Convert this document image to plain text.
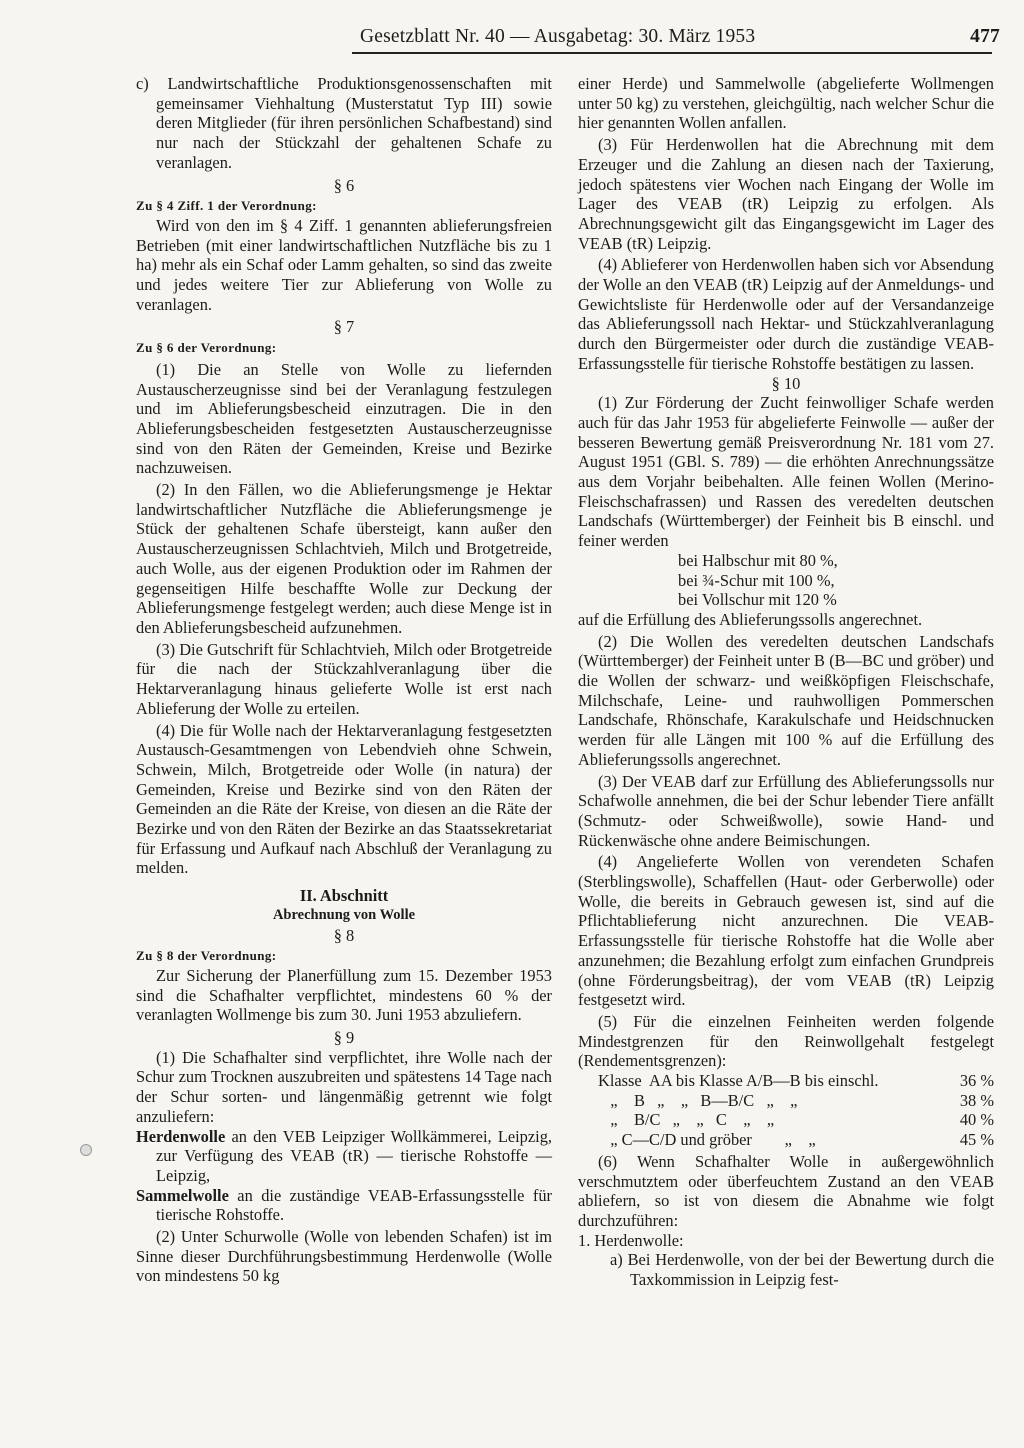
Gesetzblatt Nr. 40 — Ausgabetag: 30. März 1953	477

c) Landwirtschaftliche Produktionsgenossenschaften mit gemeinsamer Viehhaltung (Musterstatut Typ III) sowie deren Mitglieder (für ihren persönlichen Schafbestand) sind nur nach der Stückzahl der gehaltenen Schafe zu veranlagen.

§ 6

Zu § 4 Ziff. 1 der Verordnung:

Wird von den im § 4 Ziff. 1 genannten ablieferungsfreien Betrieben (mit einer landwirtschaftlichen Nutzfläche bis zu 1 ha) mehr als ein Schaf oder Lamm gehalten, so sind das zweite und jedes weitere Tier zur Ablieferung von Wolle zu veranlagen.

§ 7

Zu § 6 der Verordnung:

(1) Die an Stelle von Wolle zu liefernden Austauscherzeugnisse sind bei der Veranlagung festzulegen und im Ablieferungsbescheid einzutragen. Die in den Ablieferungsbescheiden festgesetzten Austauscherzeugnisse sind von den Räten der Gemeinden, Kreise und Bezirke nachzuweisen.

(2) In den Fällen, wo die Ablieferungsmenge je Hektar landwirtschaftlicher Nutzfläche die Ablieferungsmenge je Stück der gehaltenen Schafe übersteigt, kann außer den Austauscherzeugnissen Schlachtvieh, Milch und Brotgetreide, auch Wolle, aus der eigenen Produktion oder im Rahmen der gegenseitigen Hilfe beschaffte Wolle zur Deckung der Ablieferungsmenge festgelegt werden; auch diese Menge ist in den Ablieferungsbescheid aufzunehmen.

(3) Die Gutschrift für Schlachtvieh, Milch oder Brotgetreide für die nach der Stückzahlveranlagung über die Hektarveranlagung hinaus gelieferte Wolle ist erst nach Ablieferung der Wolle zu erteilen.

(4) Die für Wolle nach der Hektarveranlagung festgesetzten Austausch-Gesamtmengen von Lebendvieh ohne Schwein, Schwein, Milch, Brotgetreide oder Wolle (in natura) der Gemeinden, Kreise und Bezirke sind von den Räten der Gemeinden an die Räte der Kreise, von diesen an die Räte der Bezirke und von den Räten der Bezirke an das Staatssekretariat für Erfassung und Aufkauf nach Abschluß der Veranlagung zu melden.

II. Abschnitt

Abrechnung von Wolle

§ 8

Zu § 8 der Verordnung:

Zur Sicherung der Planerfüllung zum 15. Dezember 1953 sind die Schafhalter verpflichtet, mindestens 60 % der veranlagten Wollmenge bis zum 30. Juni 1953 abzuliefern.

§ 9

(1) Die Schafhalter sind verpflichtet, ihre Wolle nach der Schur zum Trocknen auszubreiten und spätestens 14 Tage nach der Schur sorten- und längenmäßig getrennt wie folgt anzuliefern:

Herdenwolle an den VEB Leipziger Wollkämmerei, Leipzig, zur Verfügung des VEAB (tR) — tierische Rohstoffe — Leipzig,

Sammelwolle an die zuständige VEAB-Erfassungsstelle für tierische Rohstoffe.

(2) Unter Schurwolle (Wolle von lebenden Schafen) ist im Sinne dieser Durchführungsbestimmung Herdenwolle (Wolle von mindestens 50 kg

einer Herde) und Sammelwolle (abgelieferte Wollmengen unter 50 kg) zu verstehen, gleichgültig, nach welcher Schur die hier genannten Wollen anfallen.

(3) Für Herdenwollen hat die Abrechnung mit dem Erzeuger und die Zahlung an diesen nach der Taxierung, jedoch spätestens vier Wochen nach Eingang der Wolle im Lager des VEAB (tR) Leipzig zu erfolgen. Als Abrechnungsgewicht gilt das Eingangsgewicht im Lager des VEAB (tR) Leipzig.

(4) Ablieferer von Herdenwollen haben sich vor Absendung der Wolle an den VEAB (tR) Leipzig auf der Anmeldungs- und Gewichtsliste für Herdenwolle oder auf der Versandanzeige das Ablieferungssoll nach Hektar- und Stückzahlveranlagung durch den Bürgermeister oder durch die zuständige VEAB-Erfassungsstelle für tierische Rohstoffe bestätigen zu lassen.

§ 10

(1) Zur Förderung der Zucht feinwolliger Schafe werden auch für das Jahr 1953 für abgelieferte Feinwolle — außer der besseren Bewertung gemäß Preisverordnung Nr. 181 vom 27. August 1951 (GBl. S. 789) — die erhöhten Anrechnungssätze aus dem Vorjahr beibehalten. Alle feinen Wollen (Merino-Fleischschafrassen) und Rassen des veredelten deutschen Landschafs (Württemberger) der Feinheit bis B einschl. und feiner werden

bei Halbschur mit 80 %,
bei ¾-Schur mit 100 %,
bei Vollschur mit 120 %

auf die Erfüllung des Ablieferungssolls angerechnet.

(2) Die Wollen des veredelten deutschen Landschafs (Württemberger) der Feinheit unter B (B—BC und gröber) und die Wollen der schwarz- und weißköpfigen Fleischschafe, Milchschafe, Leine- und rauhwolligen Pommerschen Landschafe, Rhönschafe, Karakulschafe und Heidschnucken werden für alle Längen mit 100 % auf die Erfüllung des Ablieferungssolls angerechnet.

(3) Der VEAB darf zur Erfüllung des Ablieferungssolls nur Schafwolle annehmen, die bei der Schur lebender Tiere anfällt (Schmutz- oder Schweißwolle), sowie Hand- und Rückenwäsche ohne andere Beimischungen.

(4) Angelieferte Wollen von verendeten Schafen (Sterblingswolle), Schaffellen (Haut- oder Gerberwolle) oder Wolle, die bereits in Gebrauch gewesen ist, sind auf die Pflichtablieferung nicht anzurechnen. Die VEAB-Erfassungsstelle für tierische Rohstoffe hat die Wolle aber anzunehmen; die Bezahlung erfolgt zum einfachen Grundpreis (ohne Förderungsbeitrag), der vom VEAB (tR) Leipzig festgesetzt wird.

(5) Für die einzelnen Feinheiten werden folgende Mindestgrenzen für den Reinwollgehalt festgelegt (Rendementsgrenzen):

Klasse  AA bis Klasse A/B—B bis einschl.	36 %
„    B   „    „   B—B/C   „    „	38 %
„    B/C   „    „   C    „    „	40 %
„ C—C/D und gröber        „    „	45 %

(6) Wenn Schafhalter Wolle in außergewöhnlich verschmutztem oder überfeuchtem Zustand an den VEAB abliefern, so ist von diesem die Abnahme wie folgt durchzuführen:

1. Herdenwolle:

a) Bei Herdenwolle, von der bei der Bewertung durch die Taxkommission in Leipzig fest-
